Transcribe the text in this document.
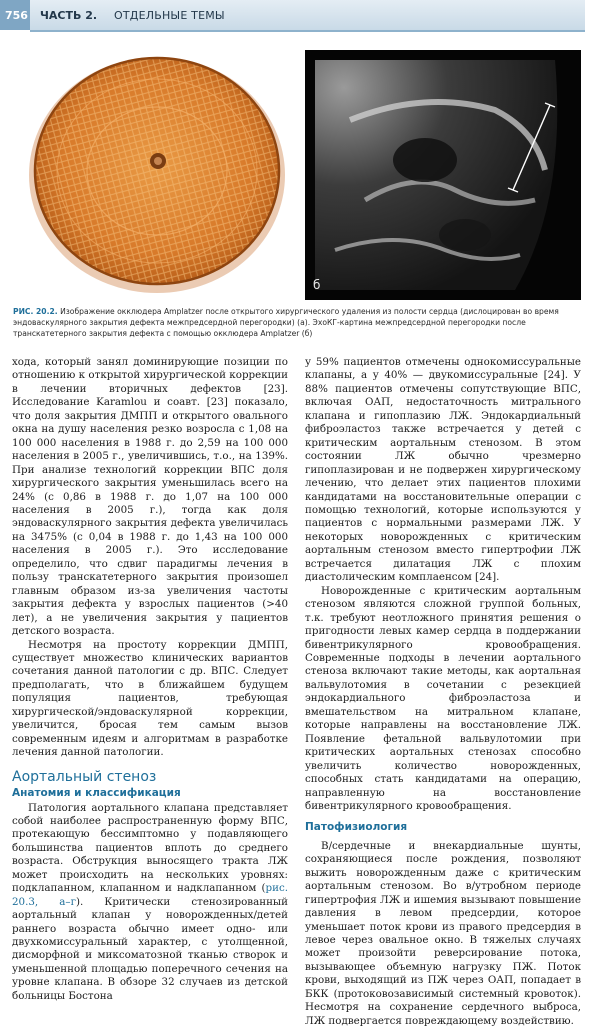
756 ЧАСТЬ 2. ОТДЕЛЬНЫЕ ТЕМЫ
б
РИС. 20.2. Изображение окклюдера Amplatzer после открытого хирургического удаления из полости сердца (дислоцирован во время эндоваскулярного закрытия дефекта межпредсердной перегородки) (а). ЭхоКГ-картина межпредсердной перегородки после транскатетерного закрытия дефекта с помощью окклюдера Amplatzer (б)

хода, который занял доминирующие позиции по отношению к открытой хирургической коррекции в лечении вторичных дефектов [23]. Исследование Karamlou и соавт. [23] показало, что доля закрытия ДМПП и открытого овального окна на душу населения резко возросла с 1,08 на 100 000 населения в 1988 г. до 2,59 на 100 000 населения в 2005 г., увеличившись, т.о., на 139%. При анализе технологий коррекции ВПС доля хирургического закрытия уменьшилась всего на 24% (с 0,86 в 1988 г. до 1,07 на 100 000 населения в 2005 г.), тогда как доля эндоваскулярного закрытия дефекта увеличилась на 3475% (с 0,04 в 1988 г. до 1,43 на 100 000 населения в 2005 г.). Это исследование определило, что сдвиг парадигмы лечения в пользу транскатетерного закрытия произошел главным образом из-за увеличения частоты закрытия дефекта у взрослых пациентов (>40 лет), а не увеличения закрытия у пациентов детского возраста.

Несмотря на простоту коррекции ДМПП, существует множество клинических вариантов сочетания данной патологии с др. ВПС. Следует предполагать, что в ближайшем будущем популяция пациентов, требующая хирургической/эндоваскулярной коррекции, увеличится, бросая тем самым вызов современным идеям и алгоритмам в разработке лечения данной патологии.

Аортальный стеноз
Анатомия и классификация

Патология аортального клапана представляет собой наиболее распространенную форму ВПС, протекающую бессимптомно у подавляющего большинства пациентов вплоть до среднего возраста. Обструкция выносящего тракта ЛЖ может происходить на нескольких уровнях: подклапанном, клапанном и надклапанном (рис. 20.3, а–г). Критически стенозированный аортальный клапан у новорожденных/детей раннего возраста обычно имеет одно- или двухкомиссуральный характер, с утолщенной, дисморфной и миксоматозной тканью створок и уменьшенной площадью поперечного сечения на уровне клапана. В обзоре 32 случаев из детской больницы Бостона

у 59% пациентов отмечены однокомиссуральные клапаны, а у 40% — двукомиссуральные [24]. У 88% пациентов отмечены сопутствующие ВПС, включая ОАП, недостаточность митрального клапана и гипоплазию ЛЖ. Эндокардиальный фиброэластоз также встречается у детей с критическим аортальным стенозом. В этом состоянии ЛЖ обычно чрезмерно гипоплазирован и не подвержен хирургическому лечению, что делает этих пациентов плохими кандидатами на восстановительные операции с помощью технологий, которые используются у пациентов с нормальными размерами ЛЖ. У некоторых новорожденных с критическим аортальным стенозом вместо гипертрофии ЛЖ встречается дилатация ЛЖ с плохим диастолическим комплаенсом [24].

Новорожденные с критическим аортальным стенозом являются сложной группой больных, т.к. требуют неотложного принятия решения о пригодности левых камер сердца в поддержании бивентрикулярного кровообращения. Современные подходы в лечении аортального стеноза включают такие методы, как аортальная вальвулотомия в сочетании с резекцией эндокардиального фиброэластоза и вмешательством на митральном клапане, которые направлены на восстановление ЛЖ. Появление фетальной вальвулотомии при критических аортальных стенозах способно увеличить количество новорожденных, способных стать кандидатами на операцию, направленную на восстановление бивентрикулярного кровообращения.

Патофизиология

В/сердечные и внекардиальные шунты, сохраняющиеся после рождения, позволяют выжить новорожденным даже с критическим аортальным стенозом. Во в/утробном периоде гипертрофия ЛЖ и ишемия вызывают повышение давления в левом предсердии, которое уменьшает поток крови из правого предсердия в левое через овальное окно. В тяжелых случаях может произойти реверсирование потока, вызывающее объемную нагрузку ПЖ. Поток крови, выходящий из ПЖ через ОАП, попадает в БКК (протоковозависимый системный кровоток). Несмотря на сохранение сердечного выброса, ЛЖ подвергается повреждающему воздействию.
